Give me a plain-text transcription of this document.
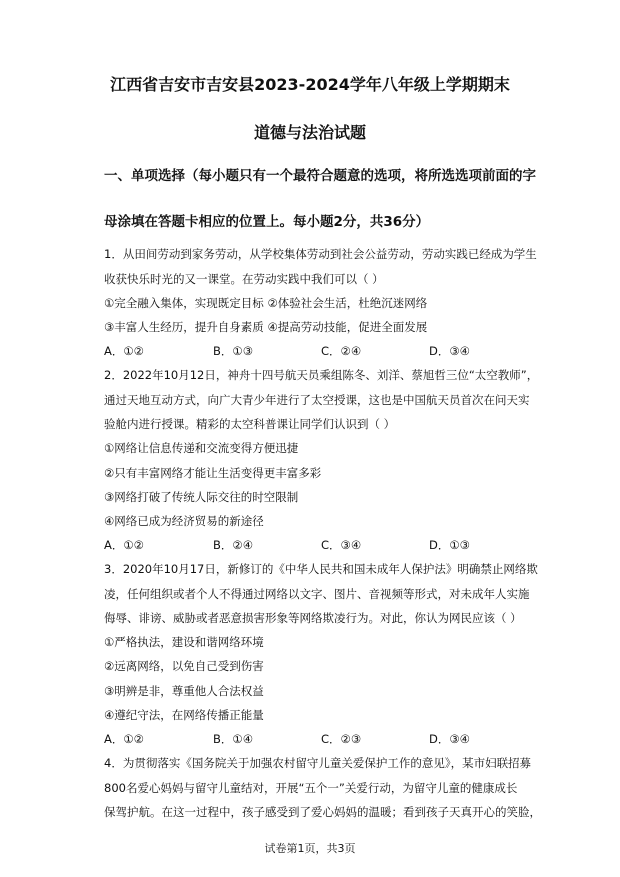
江西省吉安市吉安县2023-2024学年八年级上学期期末
道德与法治试题
一、单项选择（每小题只有一个最符合题意的选项，将所选选项前面的字
母涂填在答题卡相应的位置上。每小题2分，共36分）
1．从田间劳动到家务劳动，从学校集体劳动到社会公益劳动，劳动实践已经成为学生
收获快乐时光的又一课堂。在劳动实践中我们可以（ ）
①完全融入集体，实现既定目标 ②体验社会生活，杜绝沉迷网络
③丰富人生经历，提升自身素质 ④提高劳动技能，促进全面发展
A．①②	B．①③	C．②④	D．③④
2．2022年10月12日，神舟十四号航天员乘组陈冬、刘洋、蔡旭哲三位“太空教师”，
通过天地互动方式，向广大青少年进行了太空授课，这也是中国航天员首次在问天实
验舱内进行授课。精彩的太空科普课让同学们认识到（ ）
①网络让信息传递和交流变得方便迅捷
②只有丰富网络才能让生活变得更丰富多彩
③网络打破了传统人际交往的时空限制
④网络已成为经济贸易的新途径
A．①②	B．②④	C．③④	D．①③
3．2020年10月17日，新修订的《中华人民共和国未成年人保护法》明确禁止网络欺
凌，任何组织或者个人不得通过网络以文字、图片、音视频等形式，对未成年人实施
侮辱、诽谤、威胁或者恶意损害形象等网络欺凌行为。对此，你认为网民应该（ ）
①严格执法，建设和谐网络环境
②远离网络，以免自己受到伤害
③明辨是非，尊重他人合法权益
④遵纪守法，在网络传播正能量
A．①②	B．①④	C．②③	D．③④
4．为贯彻落实《国务院关于加强农村留守儿童关爱保护工作的意见》，某市妇联招募
800名爱心妈妈与留守儿童结对，开展“五个一”关爱行动，为留守儿童的健康成长
保驾护航。在这一过程中，孩子感受到了爱心妈妈的温暖；看到孩子天真开心的笑脸，
试卷第1页，共3页
